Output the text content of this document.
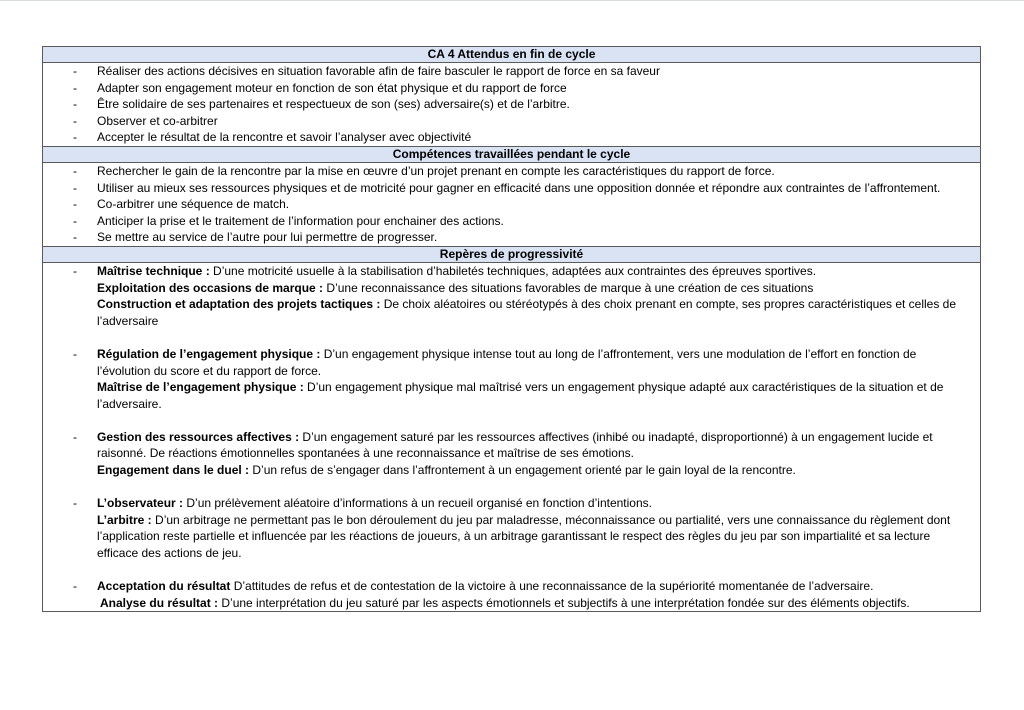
CA 4 Attendus en fin de cycle

- Réaliser des actions décisives en situation favorable afin de faire basculer le rapport de force en sa faveur
- Adapter son engagement moteur en fonction de son état physique et du rapport de force
- Être solidaire de ses partenaires et respectueux de son (ses) adversaire(s) et de l’arbitre.
- Observer et co-arbitrer
- Accepter le résultat de la rencontre et savoir l’analyser avec objectivité

Compétences travaillées pendant le cycle

- Rechercher le gain de la rencontre par la mise en œuvre d’un projet prenant en compte les caractéristiques du rapport de force.
- Utiliser au mieux ses ressources physiques et de motricité pour gagner en efficacité dans une opposition donnée et répondre aux contraintes de l’affrontement.
- Co-arbitrer une séquence de match.
- Anticiper la prise et le traitement de l’information pour enchainer des actions.
- Se mettre au service de l’autre pour lui permettre de progresser.

Repères de progressivité

- Maîtrise technique : D’une motricité usuelle à la stabilisation d’habiletés techniques, adaptées aux contraintes des épreuves sportives.
Exploitation des occasions de marque : D’une reconnaissance des situations favorables de marque à une création de ces situations
Construction et adaptation des projets tactiques : De choix aléatoires ou stéréotypés à des choix prenant en compte, ses propres caractéristiques et celles de l’adversaire
- Régulation de l’engagement physique : D’un engagement physique intense tout au long de l’affrontement, vers une modulation de l’effort en fonction de l’évolution du score et du rapport de force.
Maîtrise de l’engagement physique : D’un engagement physique mal maîtrisé vers un engagement physique adapté aux caractéristiques de la situation et de l’adversaire.
- Gestion des ressources affectives : D’un engagement saturé par les ressources affectives (inhibé ou inadapté, disproportionné) à un engagement lucide et raisonné. De réactions émotionnelles spontanées à une reconnaissance et maîtrise de ses émotions.
Engagement dans le duel : D’un refus de s’engager dans l’affrontement à un engagement orienté par le gain loyal de la rencontre.
- L’observateur : D’un prélèvement aléatoire d’informations à un recueil organisé en fonction d’intentions.
L’arbitre : D’un arbitrage ne permettant pas le bon déroulement du jeu par maladresse, méconnaissance ou partialité, vers une connaissance du règlement dont l’application reste partielle et influencée par les réactions de joueurs, à un arbitrage garantissant le respect des règles du jeu par son impartialité et sa lecture efficace des actions de jeu.
- Acceptation du résultat D’attitudes de refus et de contestation de la victoire à une reconnaissance de la supériorité momentanée de l’adversaire.
Analyse du résultat : D’une interprétation du jeu saturé par les aspects émotionnels et subjectifs à une interprétation fondée sur des éléments objectifs.
